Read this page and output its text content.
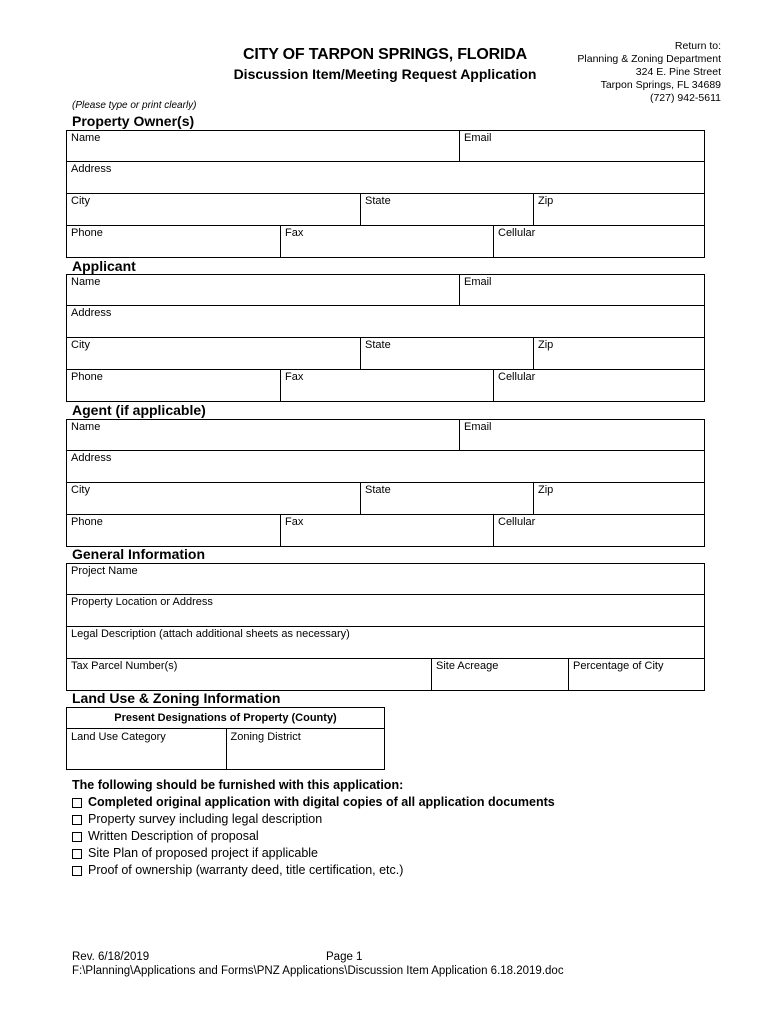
CITY OF TARPON SPRINGS, FLORIDA
Discussion Item/Meeting Request Application
Return to:
Planning & Zoning Department
324 E. Pine Street
Tarpon Springs, FL 34689
(727) 942-5611
(Please type or print clearly)
Property Owner(s)
Name	Email
Address
City	State	Zip
Phone	Fax	Cellular
Applicant
Name	Email
Address
City	State	Zip
Phone	Fax	Cellular
Agent (if applicable)
Name	Email
Address
City	State	Zip
Phone	Fax	Cellular
General Information
Project Name
Property Location or Address
Legal Description (attach additional sheets as necessary)
Tax Parcel Number(s)	Site Acreage	Percentage of City
Land Use & Zoning Information
Present Designations of Property (County)
Land Use Category	Zoning District
The following should be furnished with this application:
Completed original application with digital copies of all application documents
Property survey including legal description
Written Description of proposal
Site Plan of proposed project if applicable
Proof of ownership (warranty deed, title certification, etc.)
Rev. 6/18/2019	Page 1
F:\Planning\Applications and Forms\PNZ Applications\Discussion Item Application 6.18.2019.doc
